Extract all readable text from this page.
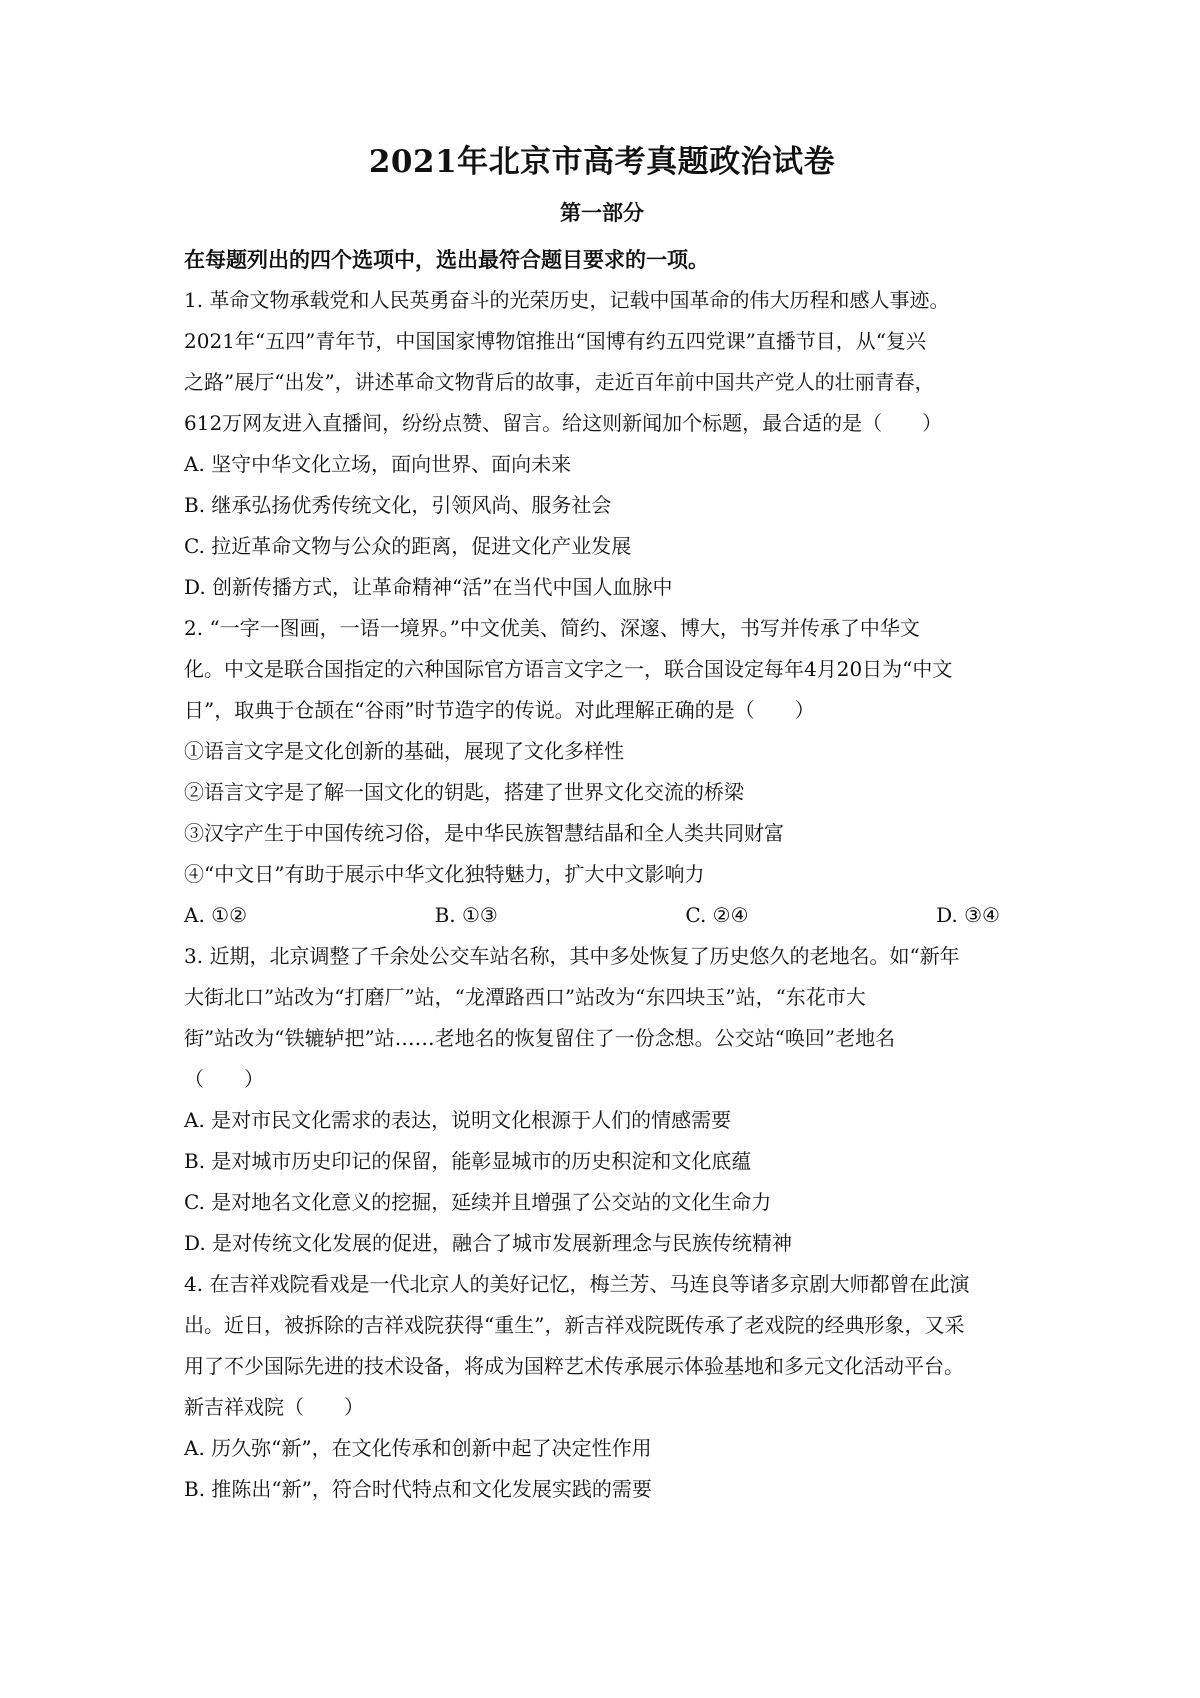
2021年北京市高考真题政治试卷
第一部分
在每题列出的四个选项中，选出最符合题目要求的一项。
1. 革命文物承载党和人民英勇奋斗的光荣历史，记载中国革命的伟大历程和感人事迹。
2021年“五四”青年节，中国国家博物馆推出“国博有约五四党课”直播节目，从“复兴
之路”展厅“出发”，讲述革命文物背后的故事，走近百年前中国共产党人的壮丽青春，
612万网友进入直播间，纷纷点赞、留言。给这则新闻加个标题，最合适的是（　　）
A. 坚守中华文化立场，面向世界、面向未来
B. 继承弘扬优秀传统文化，引领风尚、服务社会
C. 拉近革命文物与公众的距离，促进文化产业发展
D. 创新传播方式，让革命精神“活”在当代中国人血脉中
2. “一字一图画，一语一境界。”中文优美、简约、深邃、博大，书写并传承了中华文
化。中文是联合国指定的六种国际官方语言文字之一，联合国设定每年4月20日为“中文
日”，取典于仓颉在“谷雨”时节造字的传说。对此理解正确的是（　　）
①语言文字是文化创新的基础，展现了文化多样性
②语言文字是了解一国文化的钥匙，搭建了世界文化交流的桥梁
③汉字产生于中国传统习俗，是中华民族智慧结晶和全人类共同财富
④“中文日”有助于展示中华文化独特魅力，扩大中文影响力
A. ①②	B. ①③	C. ②④	D. ③④
3. 近期，北京调整了千余处公交车站名称，其中多处恢复了历史悠久的老地名。如“新年
大街北口”站改为“打磨厂”站，“龙潭路西口”站改为“东四块玉”站，“东花市大
街”站改为“铁辘轳把”站……老地名的恢复留住了一份念想。公交站“唤回”老地名
（　　）
A. 是对市民文化需求的表达，说明文化根源于人们的情感需要
B. 是对城市历史印记的保留，能彰显城市的历史积淀和文化底蕴
C. 是对地名文化意义的挖掘，延续并且增强了公交站的文化生命力
D. 是对传统文化发展的促进，融合了城市发展新理念与民族传统精神
4. 在吉祥戏院看戏是一代北京人的美好记忆，梅兰芳、马连良等诸多京剧大师都曾在此演
出。近日，被拆除的吉祥戏院获得“重生”，新吉祥戏院既传承了老戏院的经典形象，又采
用了不少国际先进的技术设备，将成为国粹艺术传承展示体验基地和多元文化活动平台。
新吉祥戏院（　　）
A. 历久弥“新”，在文化传承和创新中起了决定性作用
B. 推陈出“新”，符合时代特点和文化发展实践的需要
